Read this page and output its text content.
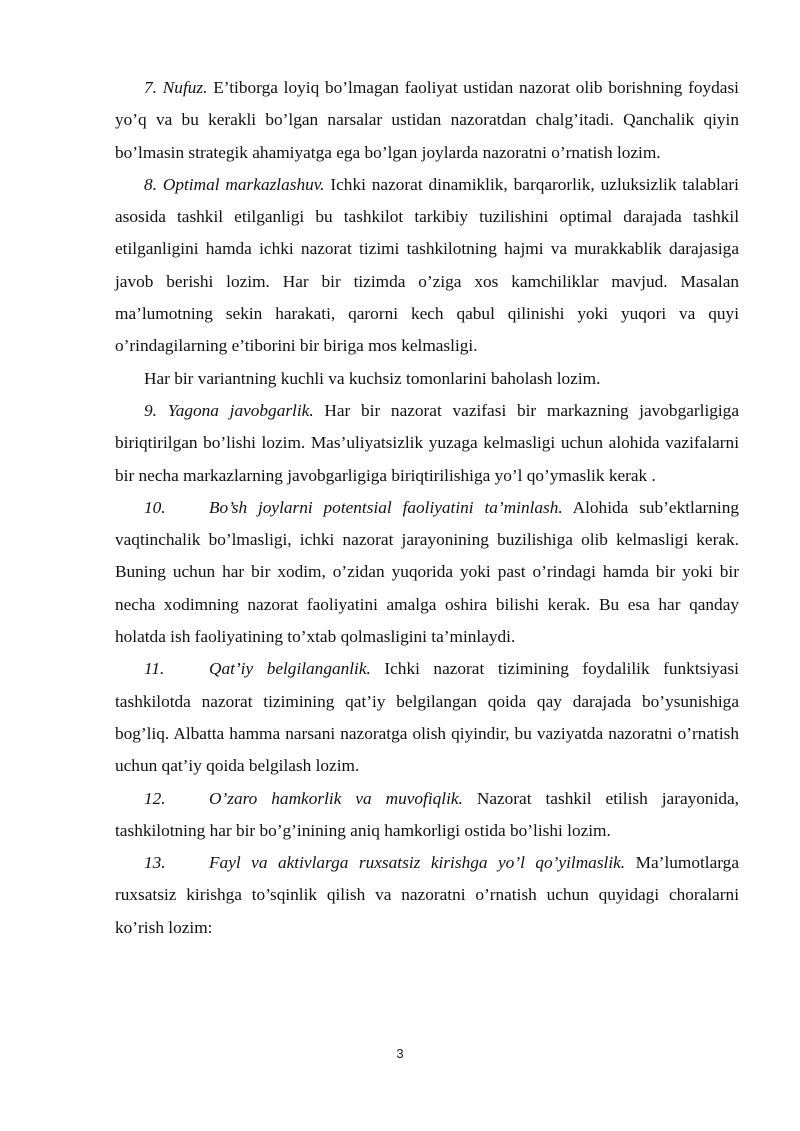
7. Nufuz. E’tiborga loyiq bo’lmagan faoliyat ustidan nazorat olib borishning foydasi yo’q va bu kerakli bo’lgan narsalar ustidan nazoratdan chalg’itadi. Qanchalik qiyin bo’lmasin strategik ahamiyatga ega bo’lgan joylarda nazoratni o’rnatish lozim.

8. Optimal markazlashuv. Ichki nazorat dinamiklik, barqarorlik, uzluksizlik talablari asosida tashkil etilganligi bu tashkilot tarkibiy tuzilishini optimal darajada tashkil etilganligini hamda ichki nazorat tizimi tashkilotning hajmi va murakkablik darajasiga javob berishi lozim. Har bir tizimda o’ziga xos kamchiliklar mavjud. Masalan ma’lumotning sekin harakati, qarorni kech qabul qilinishi yoki yuqori va quyi o’rindagilarning e’tiborini bir biriga mos kelmasligi.

Har bir variantning kuchli va kuchsiz tomonlarini baholash lozim.

9. Yagona javobgarlik. Har bir nazorat vazifasi bir markazning javobgarligiga biriqtirilgan bo’lishi lozim. Mas’uliyatsizlik yuzaga kelmasligi uchun alohida vazifalarni bir necha markazlarning javobgarligiga biriqtirilishiga yo’l qo’ymaslik kerak .

10.	Bo’sh joylarni potentsial faoliyatini ta’minlash. Alohida sub’ektlarning vaqtinchalik bo’lmasligi, ichki nazorat jarayonining buzilishiga olib kelmasligi kerak. Buning uchun har bir xodim, o’zidan yuqorida yoki past o’rindagi hamda bir yoki bir necha xodimning nazorat faoliyatini amalga oshira bilishi kerak. Bu esa har qanday holatda ish faoliyatining to’xtab qolmasligini ta’minlaydi.

11.	Qat’iy belgilanganlik. Ichki nazorat tizimining foydalilik funktsiyasi tashkilotda nazorat tizimining qat’iy belgilangan qoida qay darajada bo’ysunishiga bog’liq. Albatta hamma narsani nazoratga olish qiyindir, bu vaziyatda nazoratni o’rnatish uchun qat’iy qoida belgilash lozim.

12.	O’zaro hamkorlik va muvofiqlik. Nazorat tashkil etilish jarayonida, tashkilotning har bir bo’g’inining aniq hamkorligi ostida bo’lishi lozim.

13.	Fayl va aktivlarga ruxsatsiz kirishga yo’l qo’yilmaslik. Ma’lumotlarga ruxsatsiz kirishga to’sqinlik qilish va nazoratni o’rnatish uchun quyidagi choralarni ko’rish lozim:

3
